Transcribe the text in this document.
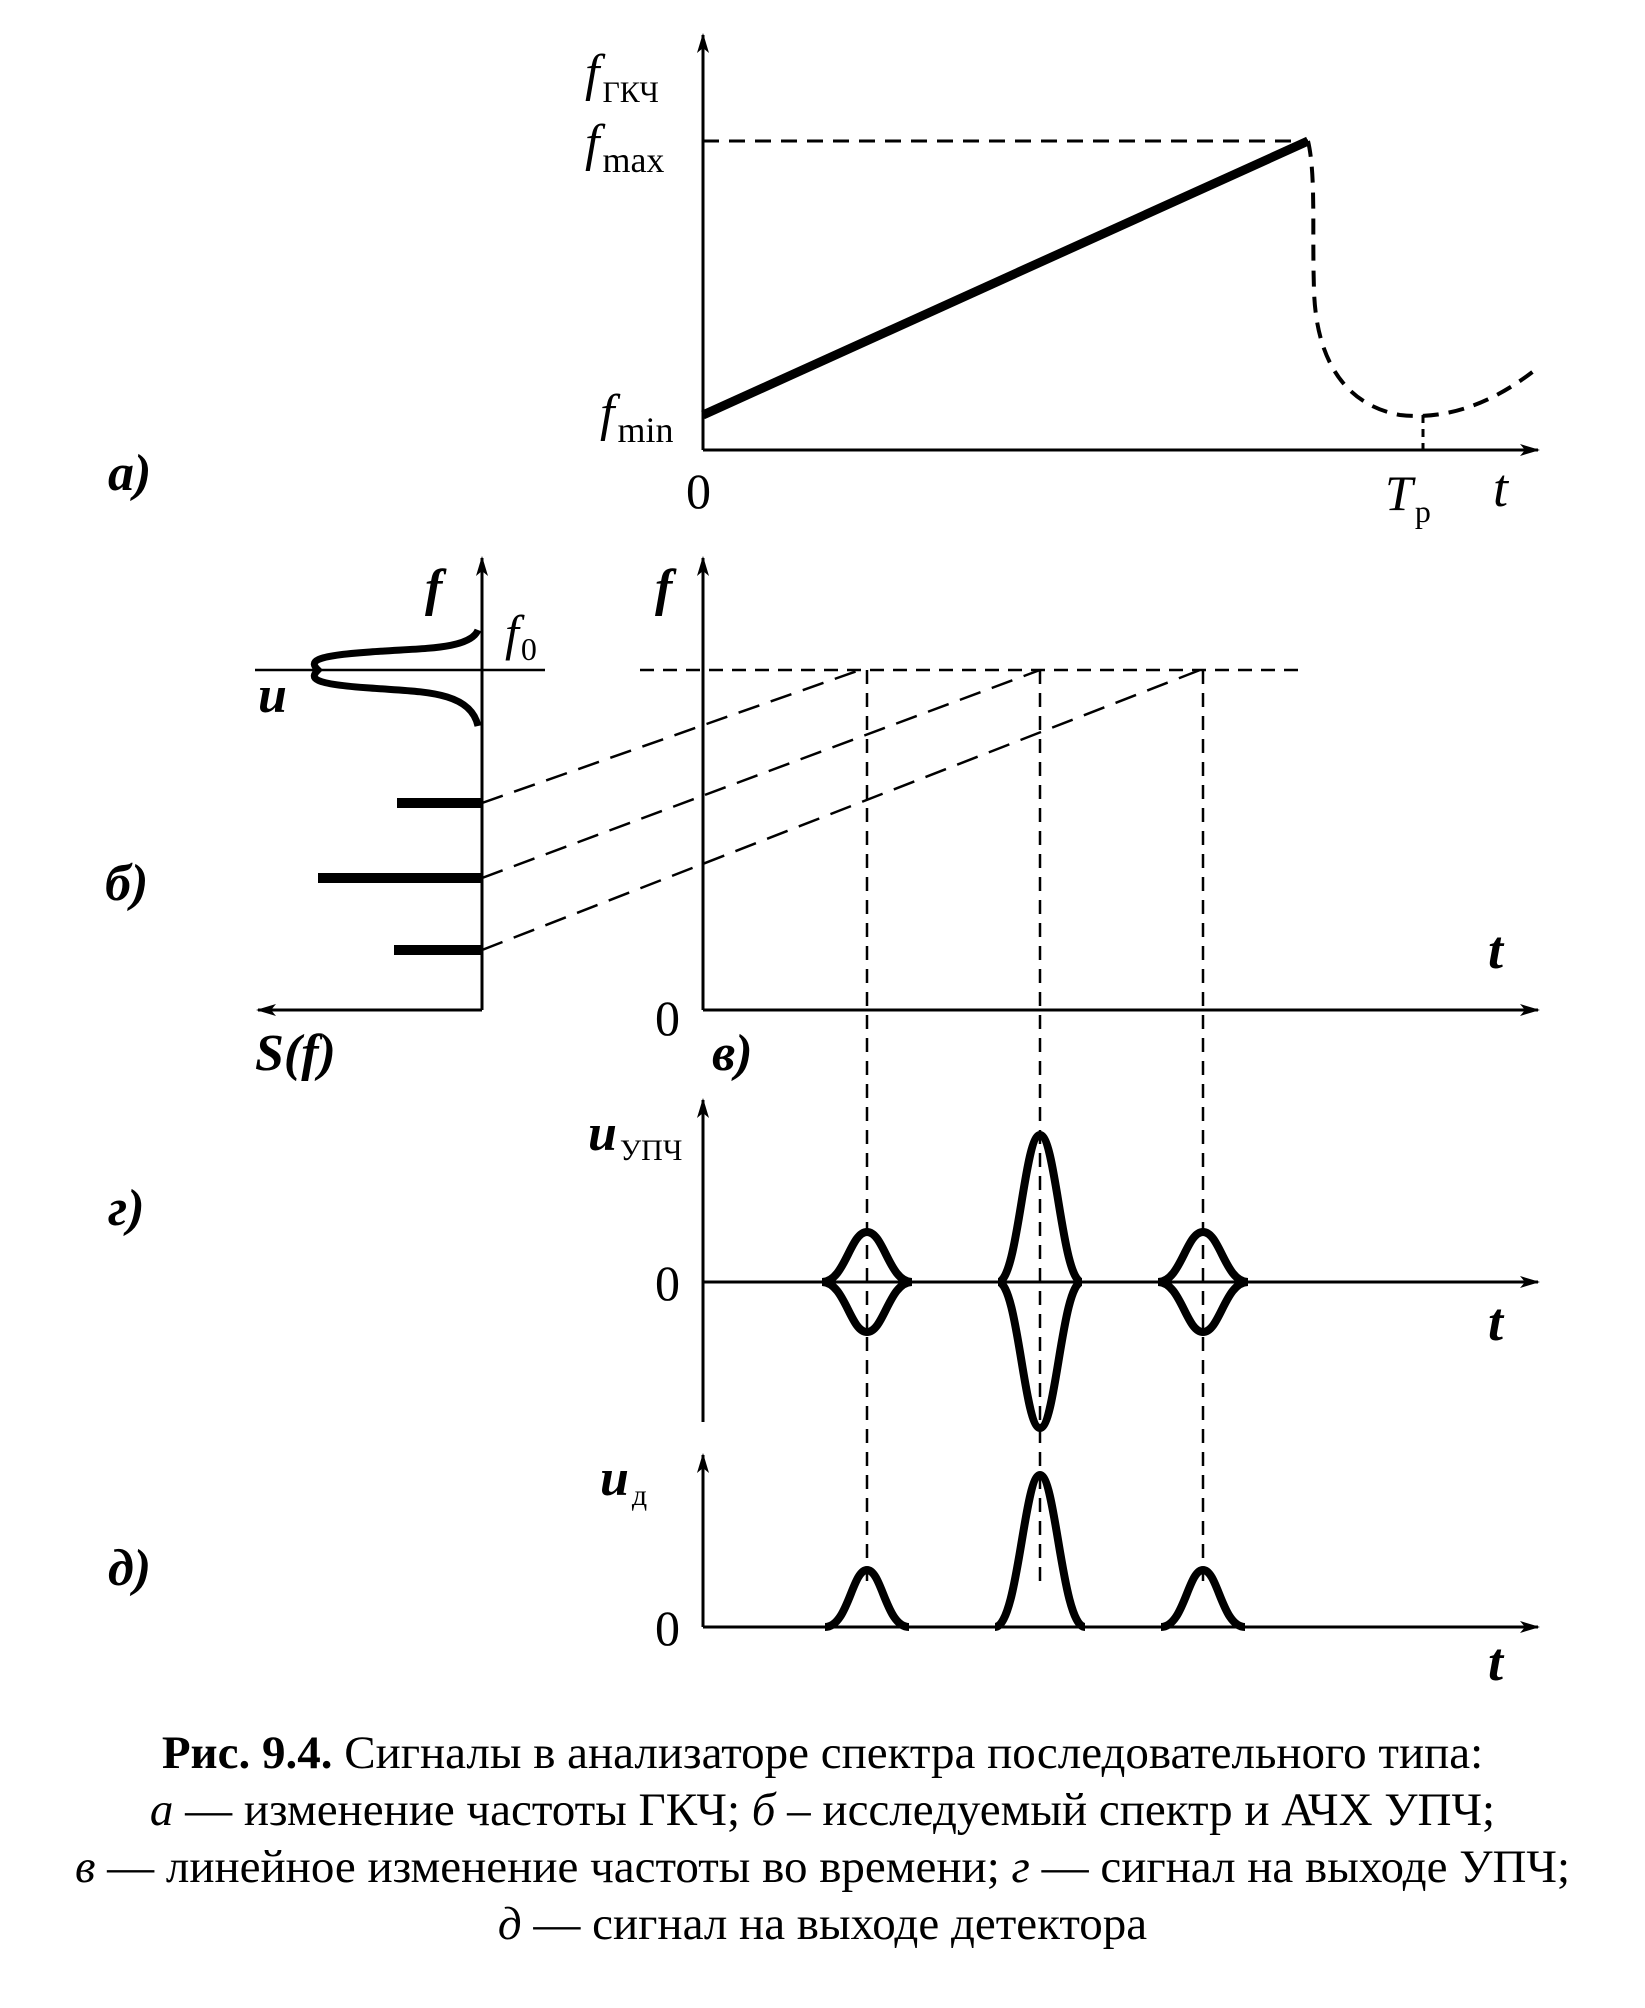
а)
f $_{ГКЧ}$
$f_{max}$
$f_{min}$
0	$T_р$ t
б)
f
$f_0$
u
S(f)
f
0
t
в)
г)
uУПЧ
0
t
д)
uд
0
t
Рис. 9.4. Сигналы в анализаторе спектра последовательного типа:
а — изменение частоты ГКЧ; б – исследуемый спектр и АЧХ УПЧ;
в — линейное изменение частоты во времени; г — сигнал на выходе УПЧ;
д — сигнал на выходе детектора
